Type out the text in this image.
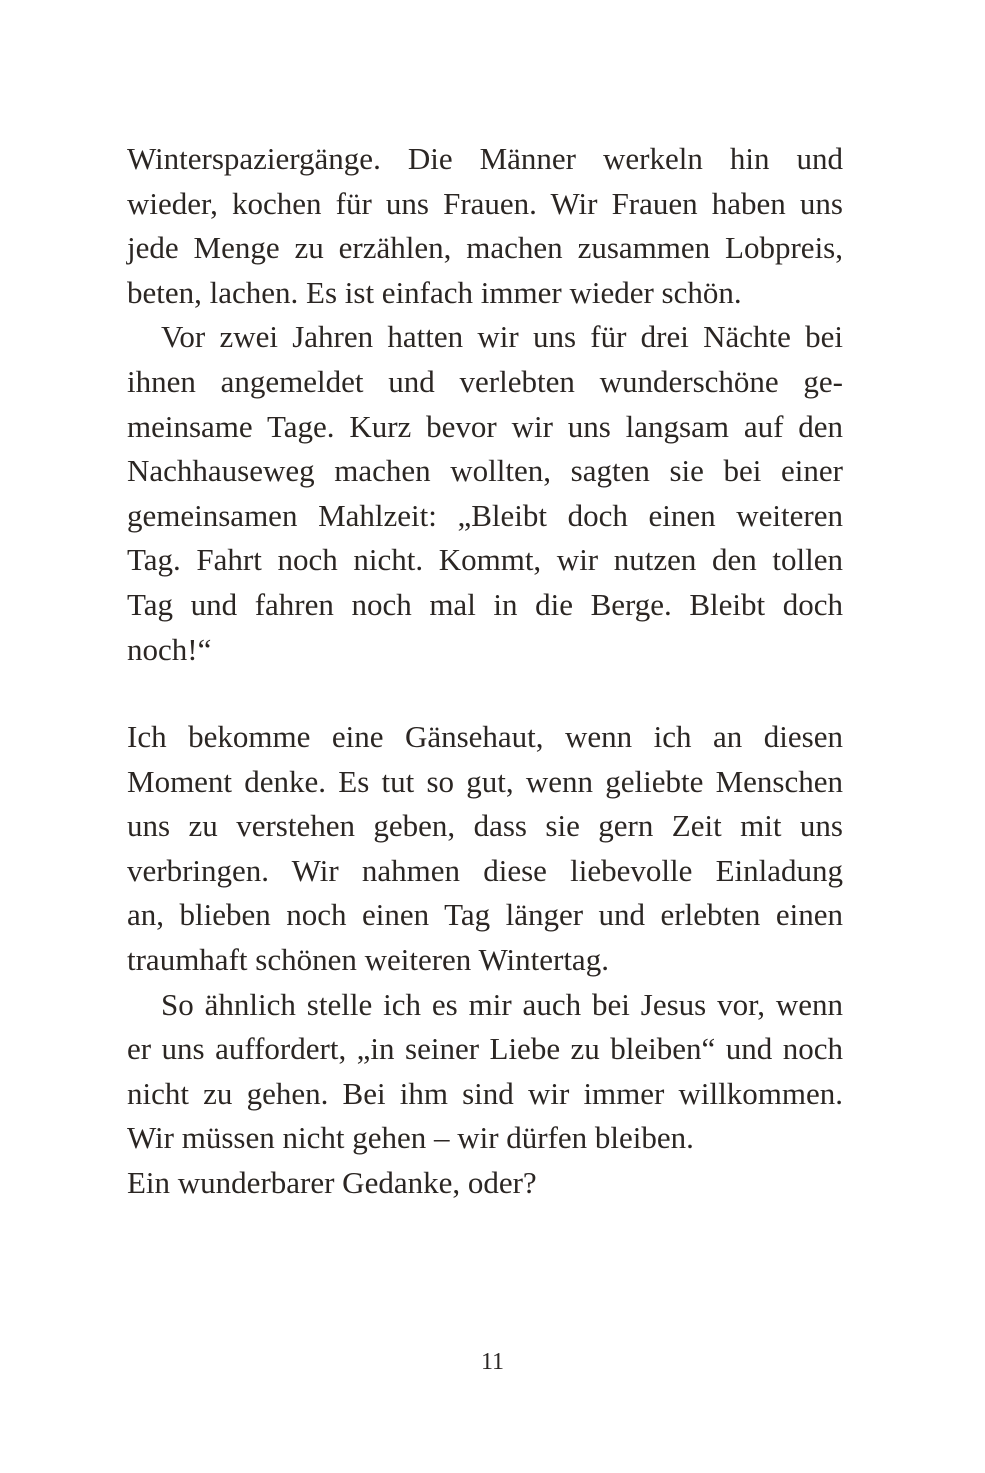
Winterspaziergänge. Die Männer werkeln hin und
wieder, kochen für uns Frauen. Wir Frauen haben uns
jede Menge zu erzählen, machen zusammen Lobpreis,
beten, lachen. Es ist einfach immer wieder schön.
Vor zwei Jahren hatten wir uns für drei Nächte bei
ihnen angemeldet und verlebten wunderschöne ge-
meinsame Tage. Kurz bevor wir uns langsam auf den
Nachhauseweg machen wollten, sagten sie bei einer
gemeinsamen Mahlzeit: „Bleibt doch einen weiteren
Tag. Fahrt noch nicht. Kommt, wir nutzen den tollen
Tag und fahren noch mal in die Berge. Bleibt doch
noch!“
Ich bekomme eine Gänsehaut, wenn ich an diesen
Moment denke. Es tut so gut, wenn geliebte Menschen
uns zu verstehen geben, dass sie gern Zeit mit uns
verbringen. Wir nahmen diese liebevolle Einladung
an, blieben noch einen Tag länger und erlebten einen
traumhaft schönen weiteren Wintertag.
So ähnlich stelle ich es mir auch bei Jesus vor, wenn
er uns auffordert, „in seiner Liebe zu bleiben“ und noch
nicht zu gehen. Bei ihm sind wir immer willkommen.
Wir müssen nicht gehen – wir dürfen bleiben.
Ein wunderbarer Gedanke, oder?
11
